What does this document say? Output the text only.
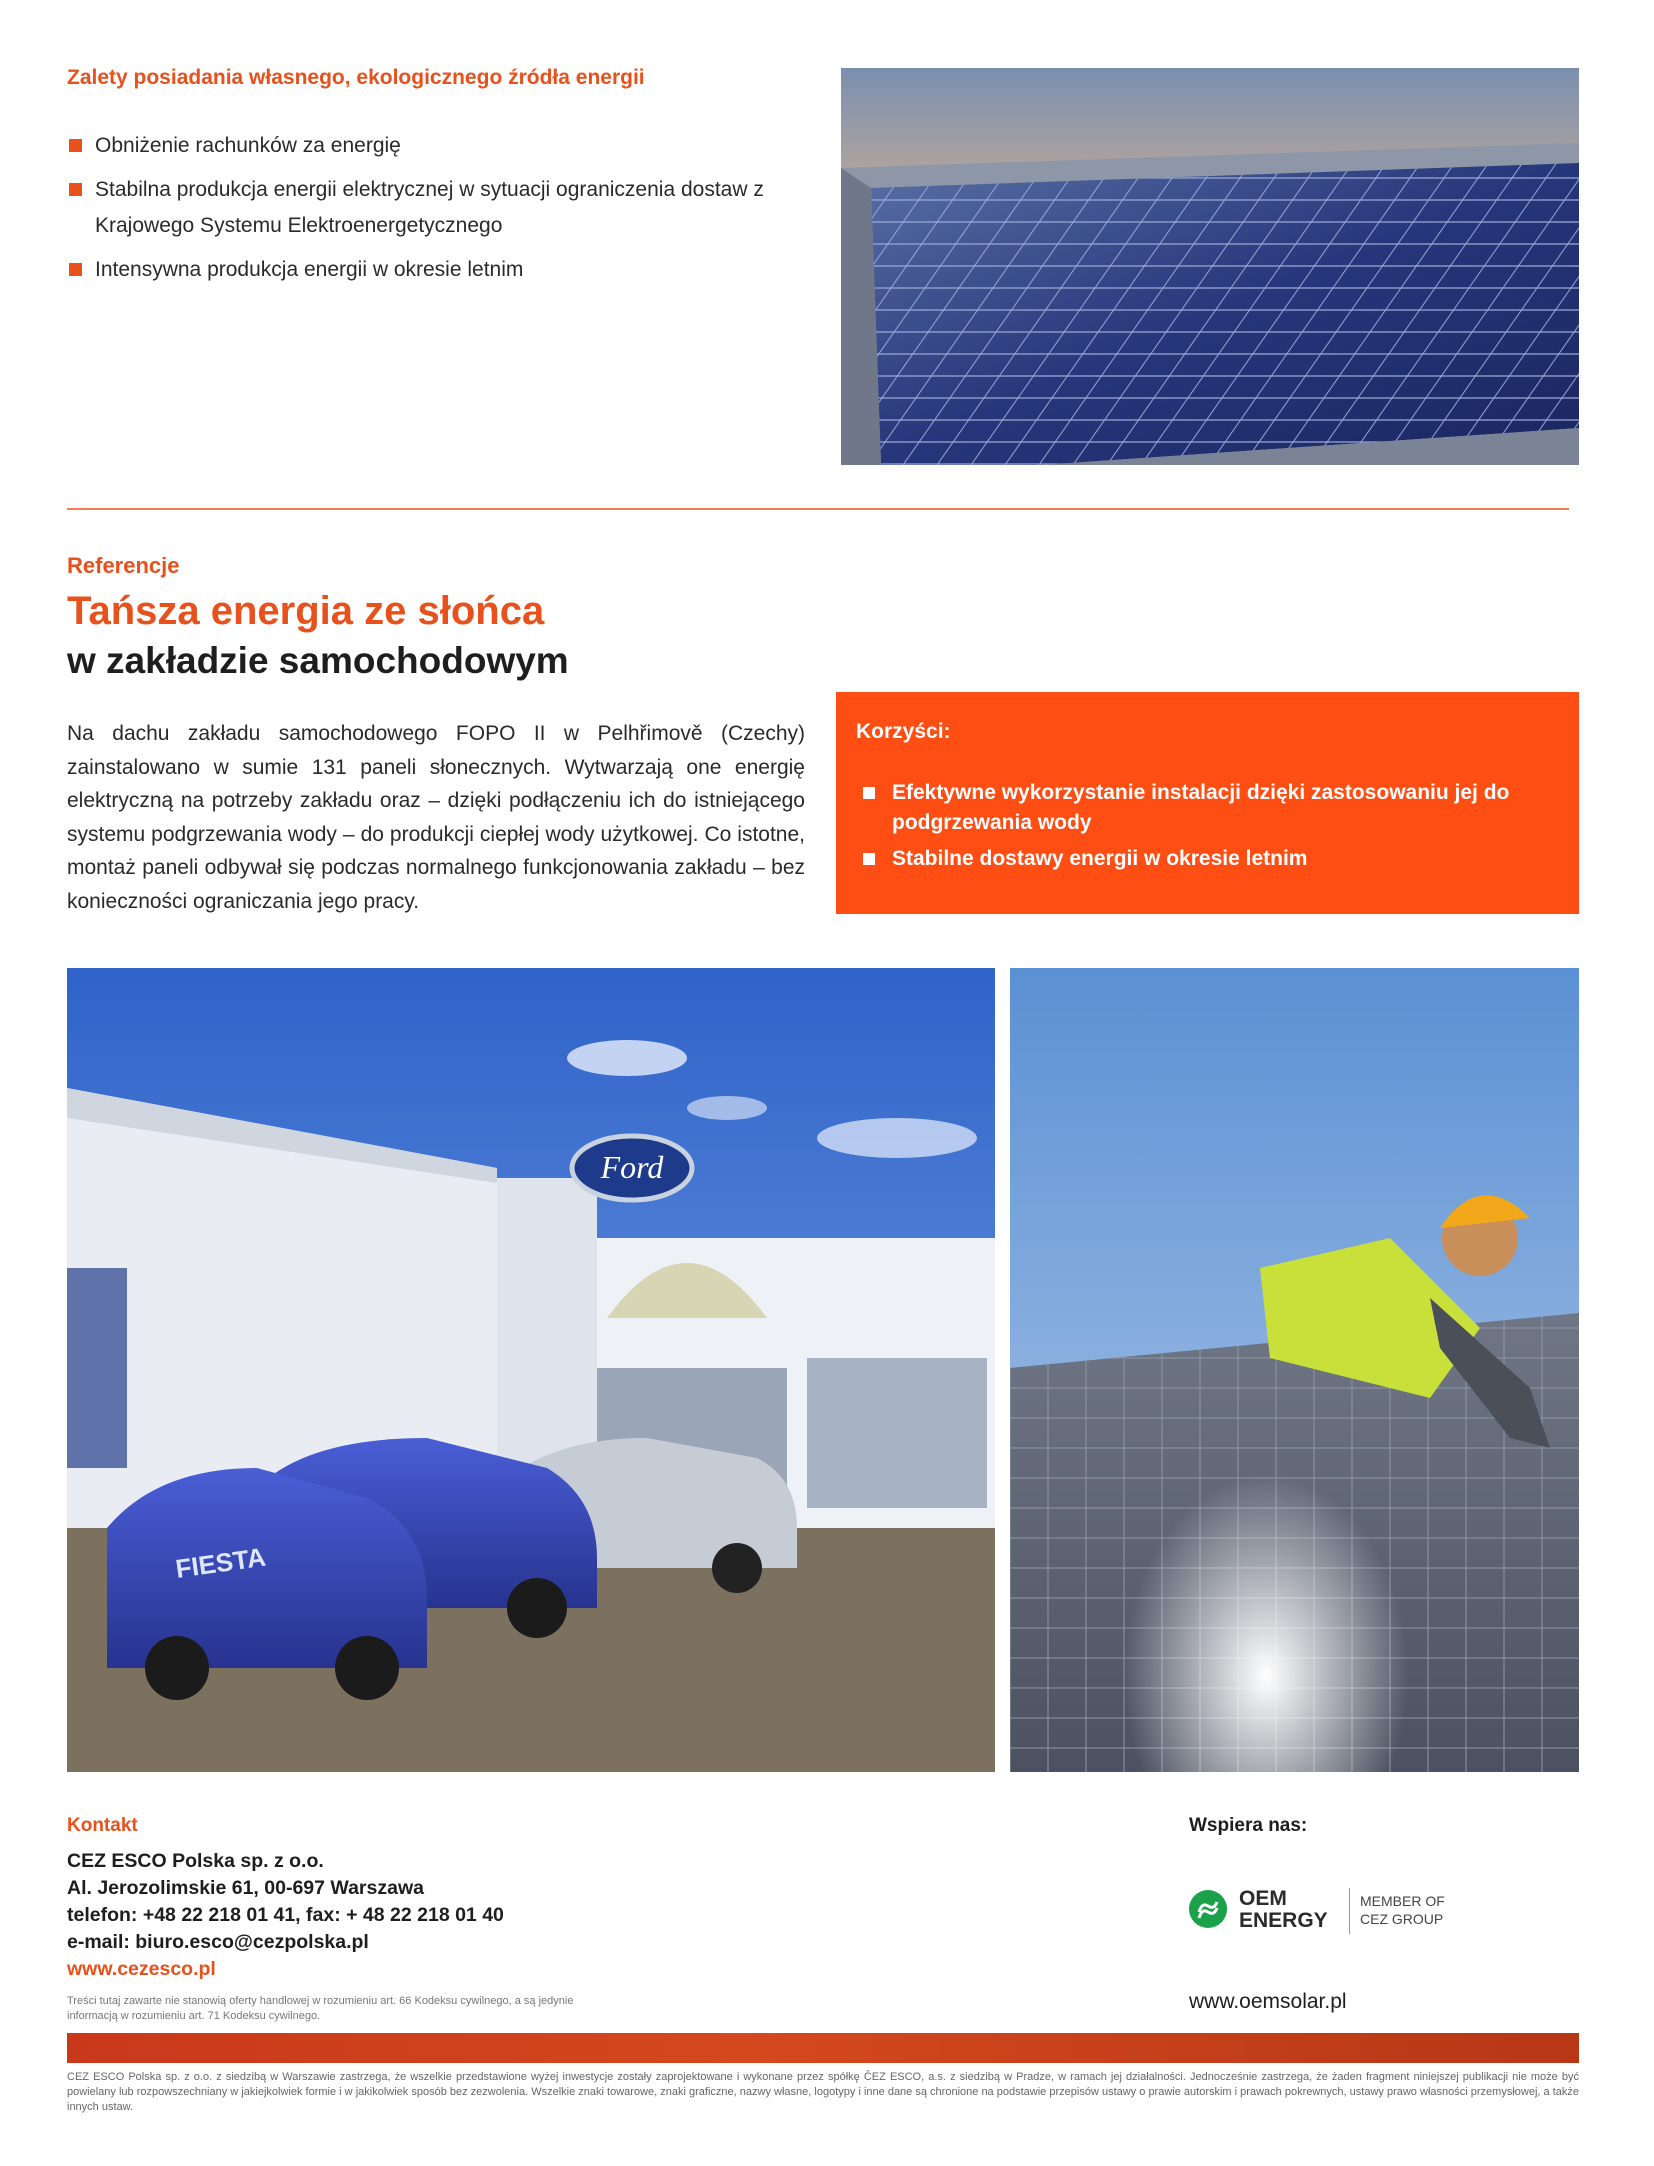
Zalety posiadania własnego, ekologicznego źródła energii
Obniżenie rachunków za energię
Stabilna produkcja energii elektrycznej w sytuacji ograniczenia dostaw z Krajowego Systemu Elektroenergetycznego
Intensywna produkcja energii w okresie letnim
Referencje
Tańsza energia ze słońca
w zakładzie samochodowym

Na dachu zakładu samochodowego FOPO II w Pelhřimově (Czechy) zainstalowano w sumie 131 paneli słonecznych. Wytwarzają one energię elektryczną na potrzeby zakładu oraz – dzięki podłączeniu ich do istniejącego systemu podgrzewania wody – do produkcji ciepłej wody użytkowej. Co istotne, montaż paneli odbywał się podczas normalnego funkcjonowania zakładu – bez konieczności ograniczania jego pracy.

Korzyści:
Efektywne wykorzystanie instalacji dzięki zastosowaniu jej do podgrzewania wody
Stabilne dostawy energii w okresie letnim
Ford
FIESTA
Kontakt
CEZ ESCO Polska sp. z o.o.
Al. Jerozolimskie 61, 00-697 Warszawa
telefon: +48 22 218 01 41, fax: + 48 22 218 01 40
e-mail: biuro.esco@cezpolska.pl
www.cezesco.pl
Treści tutaj zawarte nie stanowią oferty handlowej w rozumieniu art. 66 Kodeksu cywilnego, a są jedynie informacją w rozumieniu art. 71 Kodeksu cywilnego.
Wspiera nas:
OEM
ENERGY
MEMBER OF
CEZ GROUP
www.oemsolar.pl
CEZ ESCO Polska sp. z o.o. z siedzibą w Warszawie zastrzega, że wszelkie przedstawione wyżej inwestycje zostały zaprojektowane i wykonane przez spółkę ČEZ ESCO, a.s. z siedzibą w Pradze, w ramach jej działalności. Jednocześnie zastrzega, że żaden fragment niniejszej publikacji nie może być powielany lub rozpowszechniany w jakiejkolwiek formie i w jakikolwiek sposób bez zezwolenia. Wszelkie znaki towarowe, znaki graficzne, nazwy własne, logotypy i inne dane są chronione na podstawie przepisów ustawy o prawie autorskim i prawach pokrewnych, ustawy prawo własności przemysłowej, a także innych ustaw.
